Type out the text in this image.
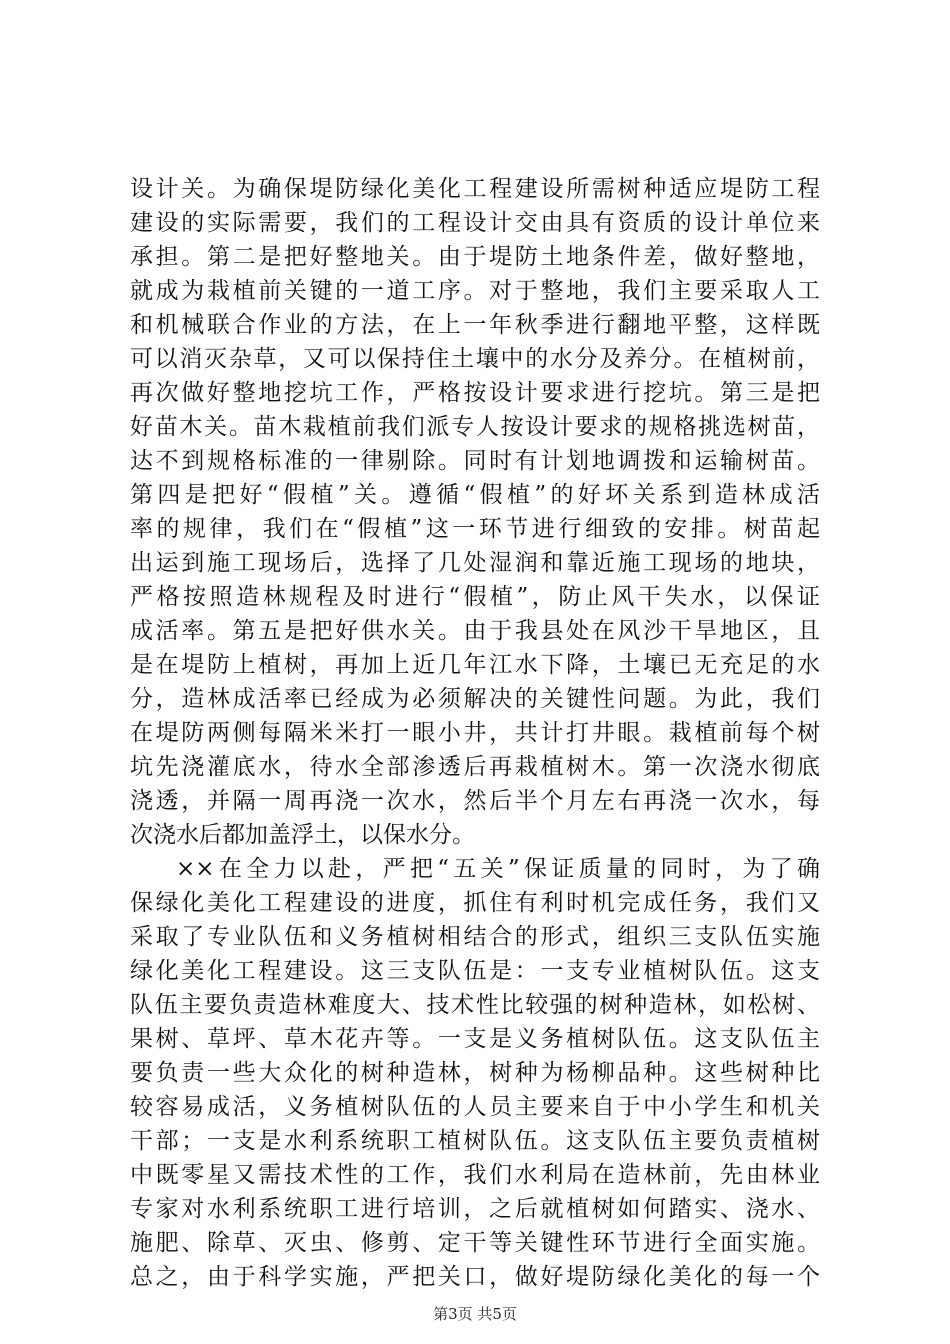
设计关。为确保堤防绿化美化工程建设所需树种适应堤防工程
建设的实际需要，我们的工程设计交由具有资质的设计单位来
承担。第二是把好整地关。由于堤防土地条件差，做好整地，
就成为栽植前关键的一道工序。对于整地，我们主要采取人工
和机械联合作业的方法，在上一年秋季进行翻地平整，这样既
可以消灭杂草，又可以保持住土壤中的水分及养分。在植树前，
再次做好整地挖坑工作，严格按设计要求进行挖坑。第三是把
好苗木关。苗木栽植前我们派专人按设计要求的规格挑选树苗，
达不到规格标准的一律剔除。同时有计划地调拨和运输树苗。
第四是把好“假植”关。遵循“假植”的好坏关系到造林成活
率的规律，我们在“假植”这一环节进行细致的安排。树苗起
出运到施工现场后，选择了几处湿润和靠近施工现场的地块，
严格按照造林规程及时进行“假植”，防止风干失水，以保证
成活率。第五是把好供水关。由于我县处在风沙干旱地区，且
是在堤防上植树，再加上近几年江水下降，土壤已无充足的水
分，造林成活率已经成为必须解决的关键性问题。为此，我们
在堤防两侧每隔米米打一眼小井，共计打井眼。栽植前每个树
坑先浇灌底水，待水全部渗透后再栽植树木。第一次浇水彻底
浇透，并隔一周再浇一次水，然后半个月左右再浇一次水，每
次浇水后都加盖浮土，以保水分。
××在全力以赴，严把“五关”保证质量的同时，为了确
保绿化美化工程建设的进度，抓住有利时机完成任务，我们又
采取了专业队伍和义务植树相结合的形式，组织三支队伍实施
绿化美化工程建设。这三支队伍是：一支专业植树队伍。这支
队伍主要负责造林难度大、技术性比较强的树种造林，如松树、
果树、草坪、草木花卉等。一支是义务植树队伍。这支队伍主
要负责一些大众化的树种造林，树种为杨柳品种。这些树种比
较容易成活，义务植树队伍的人员主要来自于中小学生和机关
干部；一支是水利系统职工植树队伍。这支队伍主要负责植树
中既零星又需技术性的工作，我们水利局在造林前，先由林业
专家对水利系统职工进行培训，之后就植树如何踏实、浇水、
施肥、除草、灭虫、修剪、定干等关键性环节进行全面实施。
总之，由于科学实施，严把关口，做好堤防绿化美化的每一个
第3页 共5页
